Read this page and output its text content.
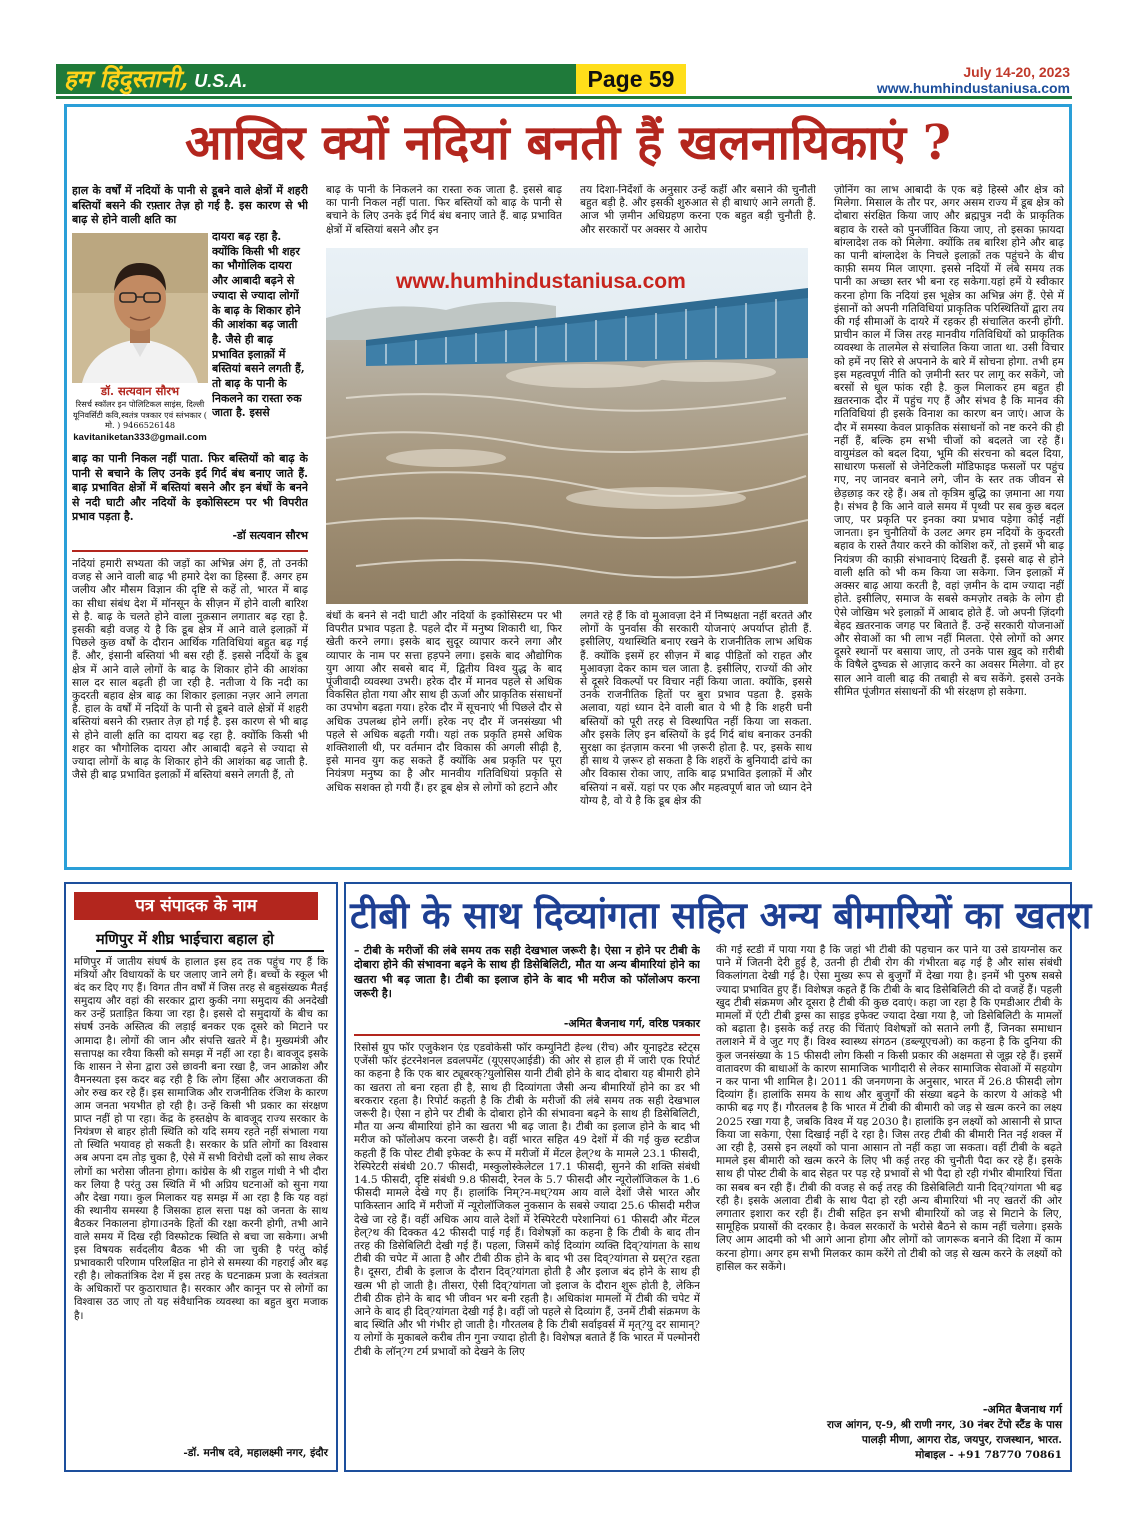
हम हिंदुस्तानी, U.S.A.	Page 59	July 14-20, 2023
www.humhindustaniusa.com
आखिर क्यों नदियां बनती हैं खलनायिकाएं ?
हाल के वर्षों में नदियों के पानी से डूबने वाले क्षेत्रों में शहरी बस्तियों बसने की रफ़्तार तेज़ हो गई है. इस कारण से भी बाढ़ से होने वाली क्षति का
डॉ. सत्यवान सौरभ
रिसर्च स्कॉलर इन पोलिटिकल साइंस, दिल्ली यूनिवर्सिटी कवि,स्वतंत्र पत्रकार एवं स्तंभकार ( मो. ) 9466526148
kavitaniketan333@gmail.com
दायरा बढ़ रहा है. क्योंकि किसी भी शहर का भौगोलिक दायरा और आबादी बढ़ने से ज्यादा से ज्यादा लोगों के बाढ़ के शिकार होने की आशंका बढ़ जाती है. जैसे ही बाढ़ प्रभावित इलाक़ों में बस्तियां बसने लगती हैं, तो बाढ़ के पानी के निकलने का रास्ता रुक जाता है. इससे
बाढ़ का पानी निकल नहीं पाता. फिर बस्तियों को बाढ़ के पानी से बचाने के लिए उनके इर्द गिर्द बंध बनाए जाते हैं. बाढ़ प्रभावित क्षेत्रों में बस्तियां बसने और इन बंधों के बनने से नदी घाटी और नदियों के इकोसिस्टम पर भी विपरीत प्रभाव पड़ता है.
-डॉ सत्यवान सौरभ
नदियां हमारी सभ्यता की जड़ों का अभिन्न अंग हैं, तो उनकी वजह से आने वाली बाढ़ भी हमारे देश का हिस्सा हैं. अगर हम जलीय और मौसम विज्ञान की दृष्टि से कहें तो, भारत में बाढ़ का सीधा संबंध देश में मॉनसून के सीज़न में होने वाली बारिश से है. बाढ़ के चलते होने वाला नुक़सान लगातार बढ़ रहा है. इसकी बड़ी वजह ये है कि डूब क्षेत्र में आने वाले इलाक़ों में पिछले कुछ वर्षों के दौरान आर्थिक गतिविधियां बहुत बढ़ गई हैं. और, इंसानी बस्तियां भी बस रही हैं. इससे नदियों के डूब क्षेत्र में आने वाले लोगों के बाढ़ के शिकार होने की आशंका साल दर साल बढ़ती ही जा रही है. नतीजा ये कि नदी का कुदरती बहाव क्षेत्र बाढ़ का शिकार इलाक़ा नज़र आने लगता है. हाल के वर्षों में नदियों के पानी से डूबने वाले क्षेत्रों में शहरी बस्तियां बसने की रफ़्तार तेज़ हो गई है. इस कारण से भी बाढ़ से होने वाली क्षति का दायरा बढ़ रहा है. क्योंकि किसी भी शहर का भौगोलिक दायरा और आबादी बढ़ने से ज्यादा से ज्यादा लोगों के बाढ़ के शिकार होने की आशंका बढ़ जाती है. जैसे ही बाढ़ प्रभावित इलाक़ों में बस्तियां बसने लगती हैं, तो
बाढ़ के पानी के निकलने का रास्ता रुक जाता है. इससे बाढ़ का पानी निकल नहीं पाता. फिर बस्तियों को बाढ़ के पानी से बचाने के लिए उनके इर्द गिर्द बंध बनाए जाते हैं. बाढ़ प्रभावित क्षेत्रों में बस्तियां बसने और इन
तय दिशा-निर्देशों के अनुसार उन्हें कहीं और बसाने की चुनौती बहुत बड़ी है. और इसकी शुरुआत से ही बाधाएं आने लगती हैं. आज भी ज़मीन अधिग्रहण करना एक बहुत बड़ी चुनौती है. और सरकारों पर अक्सर ये आरोप
www.humhindustaniusa.com
बंधों के बनने से नदी घाटी और नदियों के इकोसिस्टम पर भी विपरीत प्रभाव पड़ता है. पहले दौर में मनुष्य शिकारी था, फिर खेती करने लगा। इसके बाद सुदूर व्यापार करने लगा और व्यापार के नाम पर सत्ता हड़पने लगा। इसके बाद औद्योगिक युग आया और सबसे बाद में, द्वितीय विश्व युद्ध के बाद पूंजीवादी व्यवस्था उभरी। हरेक दौर में मानव पहले से अधिक विकसित होता गया और साथ ही ऊर्जा और प्राकृतिक संसाधनों का उपभोग बढ़ता गया। हरेक दौर में सूचनाएं भी पिछले दौर से अधिक उपलब्ध होने लगीं। हरेक नए दौर में जनसंख्या भी पहले से अधिक बढ़ती गयी। यहां तक प्रकृति हमसे अधिक शक्तिशाली थी, पर वर्तमान दौर विकास की अगली सीढ़ी है, इसे मानव युग कह सकते हैं क्योंकि अब प्रकृति पर पूरा नियंत्रण मनुष्य का है और मानवीय गतिविधियां प्रकृति से अधिक सशक्त हो गयी हैं। हर डूब क्षेत्र से लोगों को हटाने और
लगते रहे हैं कि वो मुआवज़ा देने में निष्पक्षता नहीं बरतते और लोगों के पुनर्वास की सरकारी योजनाएं अपर्याप्त होती हैं. इसीलिए, यथास्थिति बनाए रखने के राजनीतिक लाभ अधिक हैं. क्योंकि इसमें हर सीज़न में बाढ़ पीड़ितों को राहत और मुआवज़ा देकर काम चल जाता है. इसीलिए, राज्यों की ओर से दूसरे विकल्पों पर विचार नहीं किया जाता. क्योंकि, इससे उनके राजनीतिक हितों पर बुरा प्रभाव पड़ता है. इसके अलावा, यहां ध्यान देने वाली बात ये भी है कि शहरी घनी बस्तियों को पूरी तरह से विस्थापित नहीं किया जा सकता. और इसके लिए इन बस्तियों के इर्द गिर्द बांध बनाकर उनकी सुरक्षा का इंतज़ाम करना भी ज़रूरी होता है. पर, इसके साथ ही साथ ये ज़रूर हो सकता है कि शहरों के बुनियादी ढांचे का और विकास रोका जाए, ताकि बाढ़ प्रभावित इलाक़ों में और बस्तियां न बसें. यहां पर एक और महत्वपूर्ण बात जो ध्यान देने योग्य है, वो ये है कि डूब क्षेत्र की
ज़ोनिंग का लाभ आबादी के एक बड़े हिस्से और क्षेत्र को मिलेगा. मिसाल के तौर पर, अगर असम राज्य में डूब क्षेत्र को दोबारा संरक्षित किया जाए और ब्रह्मपुत्र नदी के प्राकृतिक बहाव के रास्ते को पुनर्जीवित किया जाए, तो इसका फ़ायदा बांग्लादेश तक को मिलेगा. क्योंकि तब बारिश होने और बाढ़ का पानी बांग्लादेश के निचले इलाक़ों तक पहुंचने के बीच काफ़ी समय मिल जाएगा. इससे नदियों में लंबे समय तक पानी का अच्छा स्तर भी बना रह सकेगा.यहां हमें ये स्वीकार करना होगा कि नदियां इस भूक्षेत्र का अभिन्न अंग हैं. ऐसे में इंसानों को अपनी गतिविधियां प्राकृतिक परिस्थितियों द्वारा तय की गई सीमाओं के दायरे में रहकर ही संचालित करनी होंगी. प्राचीन काल में जिस तरह मानवीय गतिविधियों को प्राकृतिक व्यवस्था के तालमेल से संचालित किया जाता था. उसी विचार को हमें नए सिरे से अपनाने के बारे में सोचना होगा. तभी हम इस महत्वपूर्ण नीति को ज़मीनी स्तर पर लागू कर सकेंगे, जो बरसों से धूल फांक रही है. कुल मिलाकर हम बहुत ही ख़तरनाक दौर में पहुंच गए हैं और संभव है कि मानव की गतिविधियां ही इसके विनाश का कारण बन जाएं। आज के दौर में समस्या केवल प्राकृतिक संसाधनों को नष्ट करने की ही नहीं हैं, बल्कि हम सभी चीजों को बदलते जा रहे हैं। वायुमंडल को बदल दिया, भूमि की संरचना को बदल दिया, साधारण फसलों से जेनेटिकली मॉडिफाइड फसलों पर पहुंच गए, नए जानवर बनाने लगे, जीन के स्तर तक जीवन से छेड़छाड़ कर रहे हैं। अब तो कृत्रिम बुद्धि का ज़माना आ गया है। संभव है कि आने वाले समय में पृथ्वी पर सब कुछ बदल जाए, पर प्रकृति पर इनका क्या प्रभाव पड़ेगा कोई नहीं जानता। इन चुनौतियों के उलट अगर हम नदियों के कुदरती बहाव के रास्ते तैयार करने की कोशिश करें, तो इसमें भी बाढ़ नियंत्रण की काफ़ी संभावनाएं दिखती हैं. इससे बाढ़ से होने वाली क्षति को भी कम किया जा सकेगा. जिन इलाक़ों में अक्सर बाढ़ आया करती है, वहां ज़मीन के दाम ज्यादा नहीं होते. इसीलिए, समाज के सबसे कमज़ोर तबक़े के लोग ही ऐसे जोखिम भरे इलाक़ों में आबाद होते हैं. जो अपनी ज़िंदगी बेहद ख़तरनाक जगह पर बिताते हैं. उन्हें सरकारी योजनाओं और सेवाओं का भी लाभ नहीं मिलता. ऐसे लोगों को अगर दूसरे स्थानों पर बसाया जाए, तो उनके पास ख़ुद को ग़रीबी के विषैले दुष्चक्र से आज़ाद करने का अवसर मिलेगा. वो हर साल आने वाली बाढ़ की तबाही से बच सकेंगे. इससे उनके सीमित पूंजीगत संसाधनों की भी संरक्षण हो सकेगा.
पत्र संपादक के नाम
मणिपुर में शीघ्र भाईचारा बहाल हो
मणिपुर में जातीय संघर्ष के हालात इस हद तक पहुंच गए हैं कि मंत्रियों और विधायकों के घर जलाए जाने लगे हैं। बच्चों के स्कूल भी बंद कर दिए गए हैं। विगत तीन वर्षों में जिस तरह से बहुसंख्यक मैतई समुदाय और वहां की सरकार द्वारा कुकी नगा समुदाय की अनदेखी कर उन्हें प्रताड़ित किया जा रहा है। इससे दो समुदायों के बीच का संघर्ष उनके अस्तित्व की लड़ाई बनकर एक दूसरे को मिटाने पर आमादा है। लोगों की जान और संपत्ति खतरे में है। मुख्यमंत्री और सत्तापक्ष का रवैया किसी को समझ में नहीं आ रहा है। बावजूद इसके कि शासन ने सेना द्वारा उसे छावनी बना रखा है, जन आक्रोश और वैमनस्यता इस कदर बढ़ रही है कि लोग हिंसा और अराजकता की ओर रुख कर रहे हैं। इस सामाजिक और राजनीतिक रंजिश के कारण आम जनता भयभीत हो रही है। उन्हें किसी भी प्रकार का संरक्षण प्राप्त नहीं हो पा रहा। केंद्र के हस्तक्षेप के बावजूद राज्य सरकार के नियंत्रण से बाहर होती स्थिति को यदि समय रहते नहीं संभाला गया तो स्थिति भयावह हो सकती है। सरकार के प्रति लोगों का विश्वास अब अपना दम तोड़ चुका है, ऐसे में सभी विरोधी दलों को साथ लेकर लोगों का भरोसा जीतना होगा। कांग्रेस के श्री राहुल गांधी ने भी दौरा कर लिया है परंतु उस स्थिति में भी अप्रिय घटनाओं को सुना गया और देखा गया। कुल मिलाकर यह समझ में आ रहा है कि यह वहां की स्थानीय समस्या है जिसका हाल सत्ता पक्ष को जनता के साथ बैठकर निकालना होगा।उनके हितों की रक्षा करनी होगी, तभी आने वाले समय में दिख रही विस्फोटक स्थिति से बचा जा सकेगा। अभी इस विषयक सर्वदलीय बैठक भी की जा चुकी है परंतु कोई प्रभावकारी परिणाम परिलक्षित ना होने से समस्या की गहराई और बढ़ रही है। लोकतांत्रिक देश में इस तरह के घटनाक्रम प्रजा के स्वतंत्रता के अधिकारों पर कुठाराघात है। सरकार और कानून पर से लोगों का विश्वास उठ जाए तो यह संवैधानिक व्यवस्था का बहुत बुरा मजाक है।
-डॉ. मनीष दवे, महालक्ष्मी नगर, इंदौर
टीबी के साथ दिव्यांगता सहित अन्य बीमारियों का खतरा
– टीबी के मरीजों की लंबे समय तक सही देखभाल जरूरी है। ऐसा न होने पर टीबी के दोबारा होने की संभावना बढ़ने के साथ ही डिसेबिलिटी, मौत या अन्य बीमारियां होने का खतरा भी बढ़ जाता है। टीबी का इलाज होने के बाद भी मरीज को फॉलोअप करना जरूरी है।
-अमित बैजनाथ गर्ग, वरिष्ठ पत्रकार
रिसोर्स ग्रुप फॉर एजुकेशन एंड एडवोकेसी फॉर कम्युनिटी हेल्थ (रीच) और यूनाइटेड स्टेट्स एजेंसी फॉर इंटरनेशनल डवलपमेंट (यूएसएआईडी) की ओर से हाल ही में जारी एक रिपोर्ट का कहना है कि एक बार ट्यूबरक्?युलोसिस यानी टीबी होने के बाद दोबारा यह बीमारी होने का खतरा तो बना रहता ही है, साथ ही दिव्यांगता जैसी अन्य बीमारियों होने का डर भी बरकरार रहता है। रिपोर्ट कहती है कि टीबी के मरीजों की लंबे समय तक सही देखभाल जरूरी है। ऐसा न होने पर टीबी के दोबारा होने की संभावना बढ़ने के साथ ही डिसेबिलिटी, मौत या अन्य बीमारियां होने का खतरा भी बढ़ जाता है। टीबी का इलाज होने के बाद भी मरीज को फॉलोअप करना जरूरी है। वहीं भारत सहित 49 देशों में की गई कुछ स्टडीज कहती हैं कि पोस्ट टीबी इफेक्ट के रूप में मरीजों में मेंटल हेल्?थ के मामले 23.1 फीसदी, रेस्पिरेटरी संबंधी 20.7 फीसदी, मस्कुलोस्केलेटल 17.1 फीसदी, सुनने की शक्ति संबंधी 14.5 फीसदी, दृष्टि संबंधी 9.8 फीसदी, रेनल के 5.7 फीसदी और न्यूरोलॉजिकल के 1.6 फीसदी मामले देखे गए हैं। हालांकि निम्?न-मध्?यम आय वाले देशों जैसे भारत और पाकिस्तान आदि में मरीजों में न्यूरोलॉजिकल नुकसान के सबसे ज्यादा 25.6 फीसदी मरीज देखे जा रहे हैं। वहीं अधिक आय वाले देशों में रेस्पिरेटरी परेशानियां 61 फीसदी और मेंटल हेल्?थ की दिक्कत 42 फीसदी पाई गई हैं। विशेषज्ञों का कहना है कि टीबी के बाद तीन तरह की डिसेबिलिटी देखी गई हैं। पहला, जिसमें कोई दिव्यांग व्यक्ति दिव्?यांगता के साथ टीबी की चपेट में आता है और टीबी ठीक होने के बाद भी उस दिव्?यांगता से ग्रस्?त रहता है। दूसरा, टीबी के इलाज के दौरान दिव्?यांगता होती है और इलाज बंद होने के साथ ही खत्म भी हो जाती है। तीसरा, ऐसी दिव्?यांगता जो इलाज के दौरान शुरू होती है, लेकिन टीबी ठीक होने के बाद भी जीवन भर बनी रहती है। अधिकांश मामलों में टीबी की चपेट में आने के बाद ही दिव्?यांगता देखी गई है। वहीं जो पहले से दिव्यांग हैं, उनमें टीबी संक्रमण के बाद स्थिति और भी गंभीर हो जाती है। गौरतलब है कि टीबी सर्वाइवर्स में मृत्?यु दर सामान्?य लोगों के मुकाबले करीब तीन गुना ज्यादा होती है। विशेषज्ञ बताते हैं कि भारत में पल्मोनरी टीबी के लॉन्?ग टर्म प्रभावों को देखने के लिए
की गई स्टडी में पाया गया है कि जहां भी टीबी की पहचान कर पाने या उसे डायग्नोस कर पाने में जितनी देरी हुई है, उतनी ही टीबी रोग की गंभीरता बढ़ गई है और सांस संबंधी विकलांगता देखी गई है। ऐसा मुख्य रूप से बुजुर्गों में देखा गया है। इनमें भी पुरुष सबसे ज्यादा प्रभावित हुए हैं। विशेषज्ञ कहते हैं कि टीबी के बाद डिसेबिलिटी की दो वजहें हैं। पहली खुद टीबी संक्रमण और दूसरा है टीबी की कुछ दवाएं। कहा जा रहा है कि एमडीआर टीबी के मामलों में एंटी टीबी ड्रग्स का साइड इफेक्ट ज्यादा देखा गया है, जो डिसेबिलिटी के मामलों को बढ़ाता है। इसके कई तरह की चिंताएं विशेषज्ञों को सताने लगी हैं, जिनका समाधान तलाशने में वे जुट गए हैं। विश्व स्वास्थ्य संगठन (डब्ल्यूएचओ) का कहना है कि दुनिया की कुल जनसंख्या के 15 फीसदी लोग किसी न किसी प्रकार की अक्षमता से जूझ रहे हैं। इसमें वातावरण की बाधाओं के कारण सामाजिक भागीदारी से लेकर सामाजिक सेवाओं में सहयोग न कर पाना भी शामिल है। 2011 की जनगणना के अनुसार, भारत में 26.8 फीसदी लोग दिव्यांग हैं। हालांकि समय के साथ और बुजुर्गों की संख्या बढ़ने के कारण ये आंकड़े भी काफी बढ़ गए हैं। गौरतलब है कि भारत में टीबी की बीमारी को जड़ से खत्म करने का लक्ष्य 2025 रखा गया है, जबकि विश्व में यह 2030 है। हालांकि इन लक्ष्यों को आसानी से प्राप्त किया जा सकेगा, ऐसा दिखाई नहीं दे रहा है। जिस तरह टीबी की बीमारी नित नई शक्ल में आ रही है, उससे इन लक्ष्यों को पाना आसान तो नहीं कहा जा सकता। वहीं टीबी के बढ़ते मामले इस बीमारी को खत्म करने के लिए भी कई तरह की चुनौती पैदा कर रहे हैं। इसके साथ ही पोस्ट टीबी के बाद सेहत पर पड़ रहे प्रभावों से भी पैदा हो रही गंभीर बीमारियां चिंता का सबब बन रही हैं। टीबी की वजह से कई तरह की डिसेबिलिटी यानी दिव्?यांगता भी बढ़ रही है। इसके अलावा टीबी के साथ पैदा हो रही अन्य बीमारियां भी नए खतरों की ओर लगातार इशारा कर रही हैं। टीबी सहित इन सभी बीमारियों को जड़ से मिटाने के लिए, सामूहिक प्रयासों की दरकार है। केवल सरकारों के भरोसे बैठने से काम नहीं चलेगा। इसके लिए आम आदमी को भी आगे आना होगा और लोगों को जागरूक बनाने की दिशा में काम करना होगा। अगर हम सभी मिलकर काम करेंगे तो टीबी को जड़ से खत्म करने के लक्ष्यों को हासिल कर सकेंगे।
-अमित बैजनाथ गर्ग
राज आंगन, ए-9, श्री राणी नगर, 30 नंबर टेंपो स्टैंड के पास
पालड़ी मीणा, आगरा रोड, जयपुर, राजस्थान, भारत.
मोबाइल - +91 78770 70861
